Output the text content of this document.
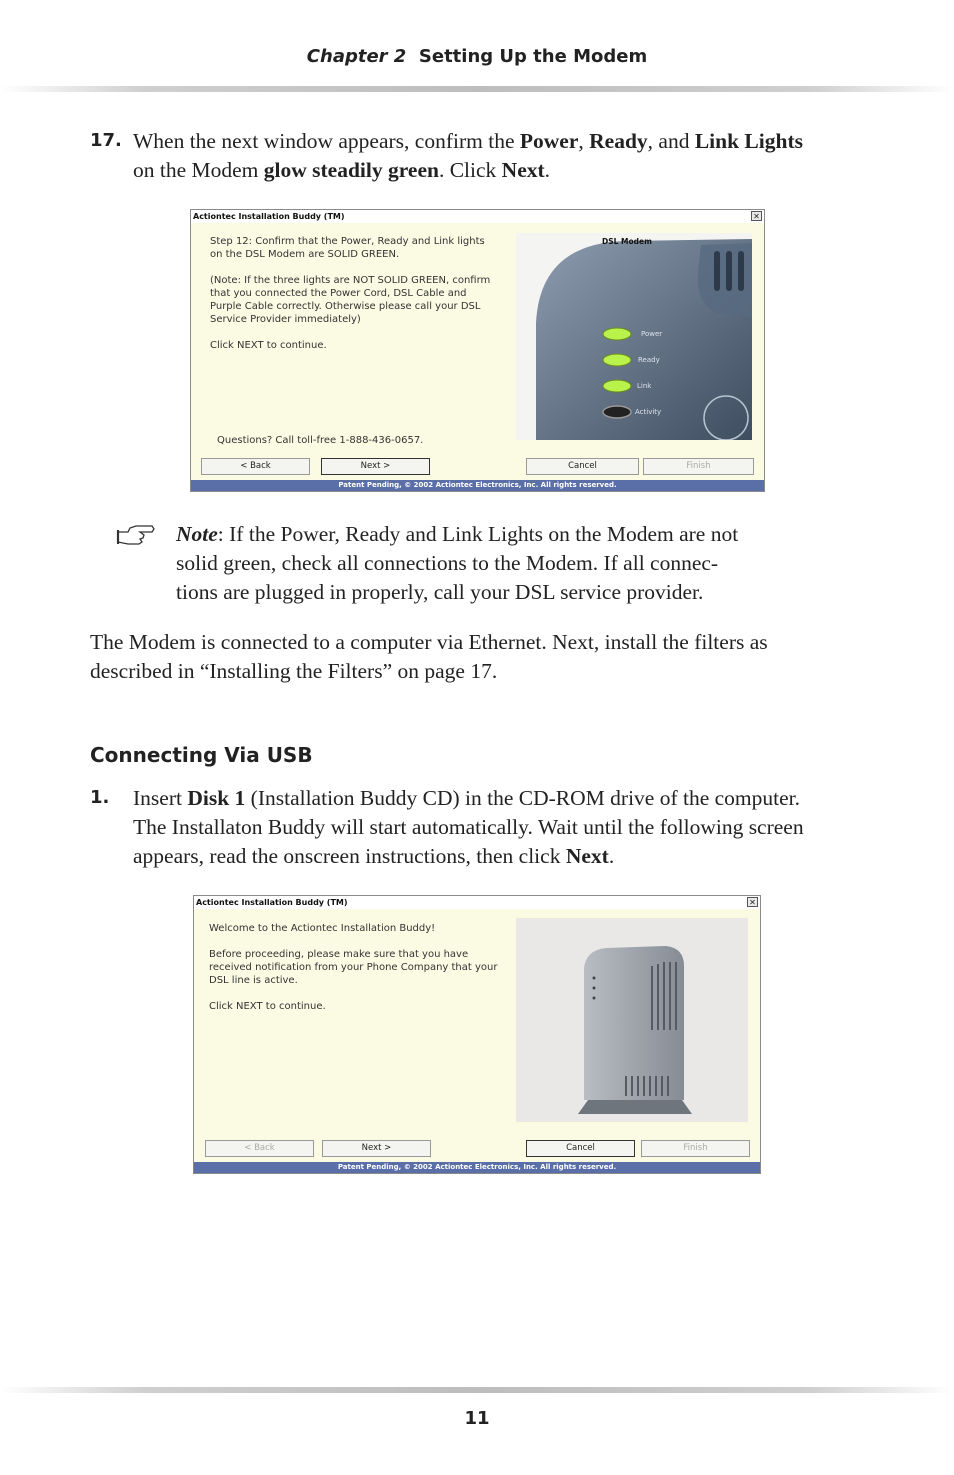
Chapter 2 Setting Up the Modem
17. When the next window appears, confirm the Power, Ready, and Link Lights
on the Modem glow steadily green. Click Next.
Actiontec Installation Buddy (TM)	✕
Step 12: Confirm that the Power, Ready and Link lights
on the DSL Modem are SOLID GREEN.

(Note: If the three lights are NOT SOLID GREEN, confirm
that you connected the Power Cord, DSL Cable and
Purple Cable correctly. Otherwise please call your DSL
Service Provider immediately)

Click NEXT to continue.
Questions? Call toll-free 1-888-436-0657.
DSL Modem
Power
Ready
Link
Activity
< Back	Next >	Cancel	Finish
Patent Pending, © 2002 Actiontec Electronics, Inc. All rights reserved.
Note: If the Power, Ready and Link Lights on the Modem are not
solid green, check all connections to the Modem. If all connec-
tions are plugged in properly, call your DSL service provider.
The Modem is connected to a computer via Ethernet. Next, install the filters as
described in “Installing the Filters” on page 17.
Connecting Via USB
1. Insert Disk 1 (Installation Buddy CD) in the CD-ROM drive of the computer.
The Installaton Buddy will start automatically. Wait until the following screen
appears, read the onscreen instructions, then click Next.
Actiontec Installation Buddy (TM)	✕
Welcome to the Actiontec Installation Buddy!

Before proceeding, please make sure that you have
received notification from your Phone Company that your
DSL line is active.

Click NEXT to continue.
< Back	Next >	Cancel	Finish
Patent Pending, © 2002 Actiontec Electronics, Inc. All rights reserved.
11
